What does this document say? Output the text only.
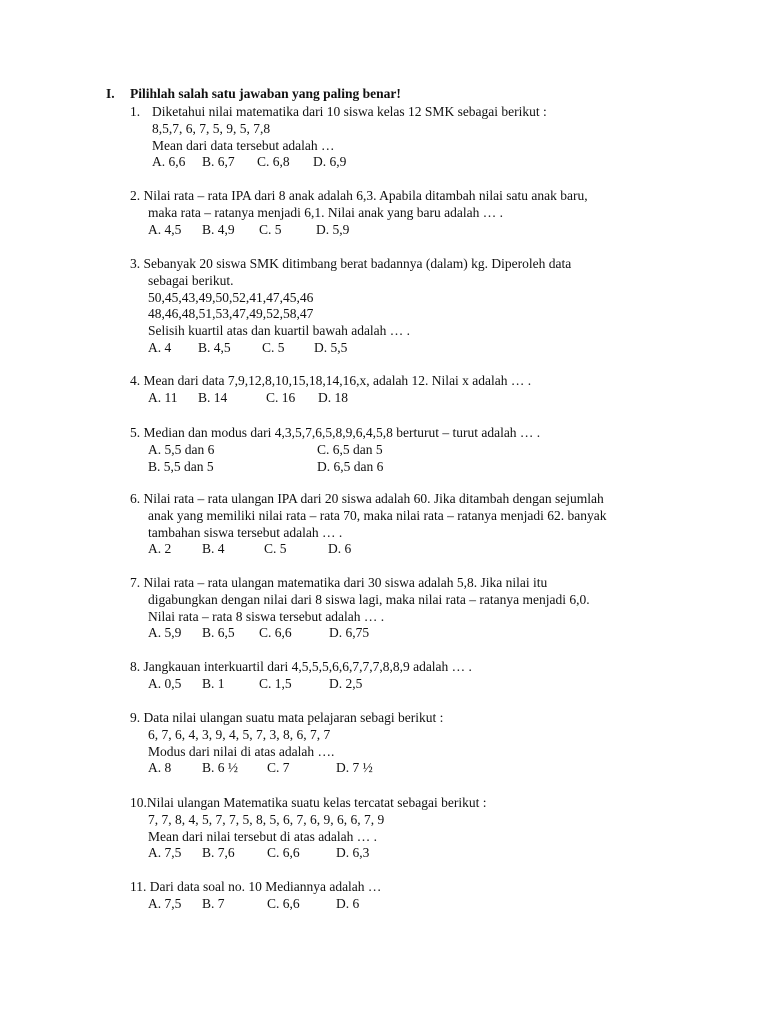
I. Pilihlah salah satu jawaban yang paling benar!
1. Diketahui nilai matematika dari 10 siswa kelas 12 SMK sebagai berikut :
8,5,7, 6, 7, 5, 9, 5, 7,8
Mean dari data tersebut adalah …
A. 6,6 B. 6,7 C. 6,8 D. 6,9
2. Nilai rata – rata IPA dari 8 anak adalah 6,3. Apabila ditambah nilai satu anak baru,
maka rata – ratanya menjadi 6,1. Nilai anak yang baru adalah … .
A. 4,5 B. 4,9 C. 5	D. 5,9
3. Sebanyak 20 siswa SMK ditimbang berat badannya (dalam) kg. Diperoleh data
sebagai berikut.
50,45,43,49,50,52,41,47,45,46
48,46,48,51,53,47,49,52,58,47
Selisih kuartil atas dan kuartil bawah adalah … .
A. 4 B. 4,5 C. 5 D. 5,5
4. Mean dari data 7,9,12,8,10,15,18,14,16,x, adalah 12. Nilai x adalah … .
A. 11 B. 14	C. 16 D. 18
5. Median dan modus dari 4,3,5,7,6,5,8,9,6,4,5,8 berturut – turut adalah … .
A. 5,5 dan 6	C. 6,5 dan 5
B. 5,5 dan 5	D. 6,5 dan 6
6. Nilai rata – rata ulangan IPA dari 20 siswa adalah 60. Jika ditambah dengan sejumlah
anak yang memiliki nilai rata – rata 70, maka nilai rata – ratanya menjadi 62. banyak
tambahan siswa tersebut adalah … .
A. 2 B. 4	C. 5	D. 6
7. Nilai rata – rata ulangan matematika dari 30 siswa adalah 5,8. Jika nilai itu
digabungkan dengan nilai dari 8 siswa lagi, maka nilai rata – ratanya menjadi 6,0.
Nilai rata – rata 8 siswa tersebut adalah … .
A. 5,9 B. 6,5 C. 6,6	D. 6,75
8. Jangkauan interkuartil dari 4,5,5,5,6,6,7,7,7,8,8,9 adalah … .
A. 0,5 B. 1	C. 1,5	D. 2,5
9. Data nilai ulangan suatu mata pelajaran sebagi berikut :
6, 7, 6, 4, 3, 9, 4, 5, 7, 3, 8, 6, 7, 7
Modus dari nilai di atas adalah ….
A. 8 B. 6 ½ C. 7	D. 7 ½
10.Nilai ulangan Matematika suatu kelas tercatat sebagai berikut :
7, 7, 8, 4, 5, 7, 7, 5, 8, 5, 6, 7, 6, 9, 6, 6, 7, 9
Mean dari nilai tersebut di atas adalah … .
A. 7,5 B. 7,6 C. 6,6	D. 6,3
11. Dari data soal no. 10 Mediannya adalah …
A. 7,5 B. 7	C. 6,6	D. 6
